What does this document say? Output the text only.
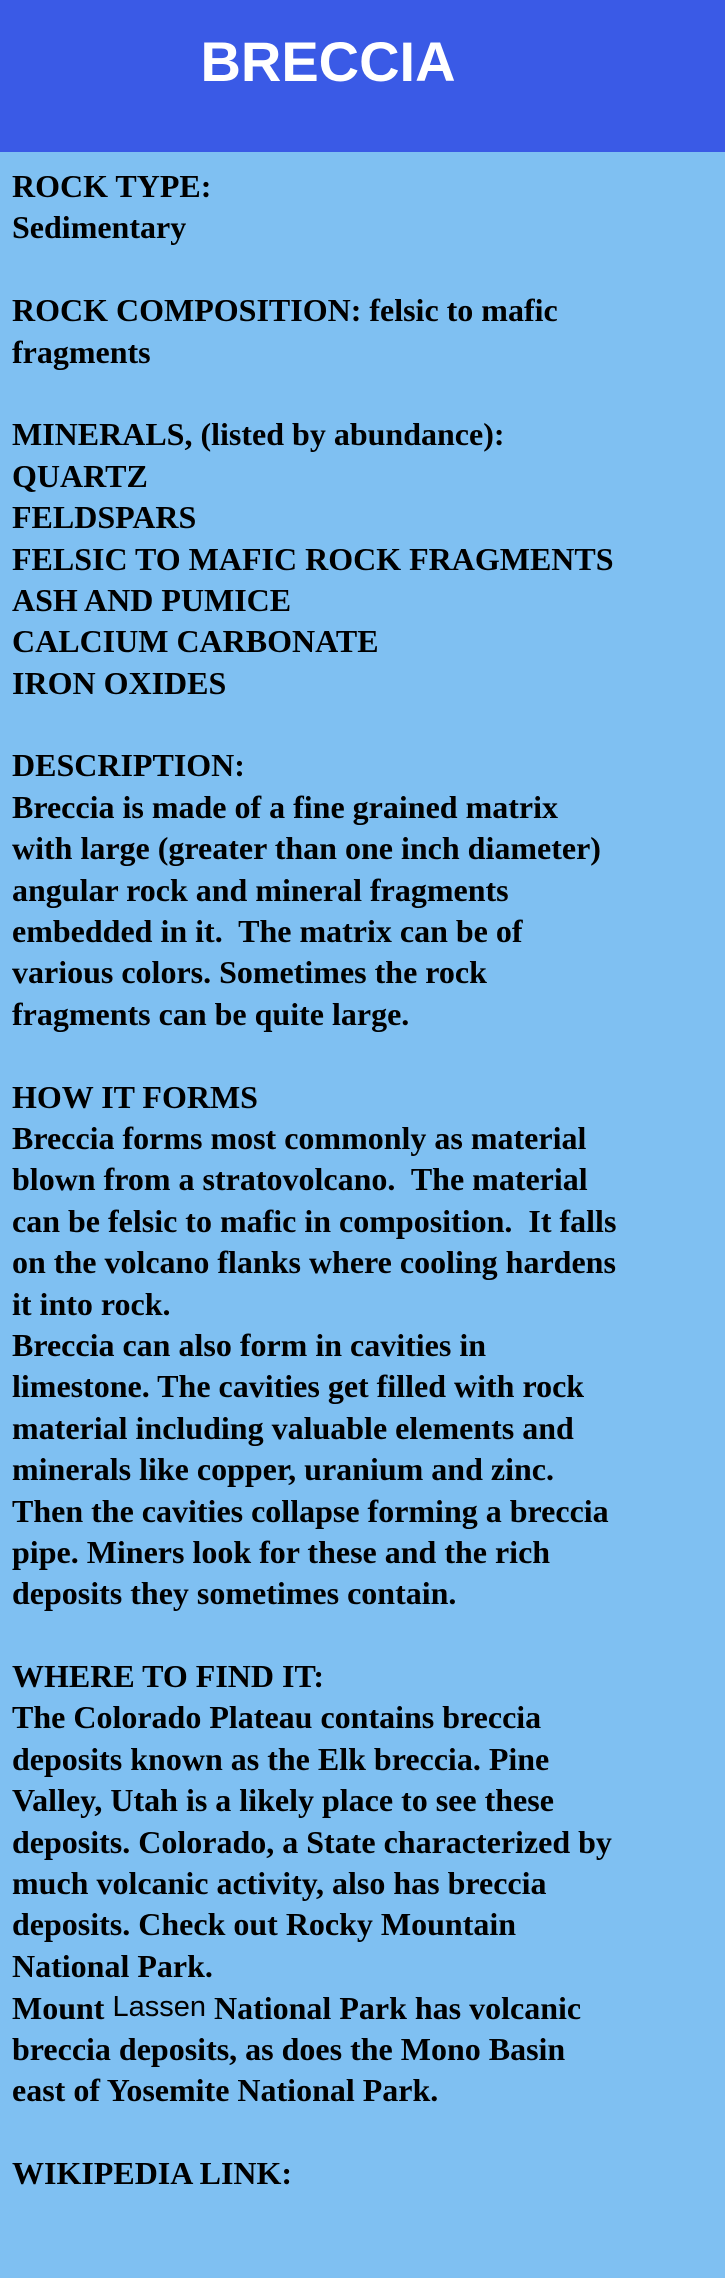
BRECCIA
ROCK TYPE:
Sedimentary
ROCK COMPOSITION: felsic to mafic
fragments
MINERALS, (listed by abundance):
QUARTZ
FELDSPARS
FELSIC TO MAFIC ROCK FRAGMENTS
ASH AND PUMICE
CALCIUM CARBONATE
IRON OXIDES
DESCRIPTION:
Breccia is made of a fine grained matrix
with large (greater than one inch diameter)
angular rock and mineral fragments
embedded in it.  The matrix can be of
various colors. Sometimes the rock
fragments can be quite large.
HOW IT FORMS
Breccia forms most commonly as material
blown from a stratovolcano.  The material
can be felsic to mafic in composition.  It falls
on the volcano flanks where cooling hardens
it into rock.
Breccia can also form in cavities in
limestone. The cavities get filled with rock
material including valuable elements and
minerals like copper, uranium and zinc.
Then the cavities collapse forming a breccia
pipe. Miners look for these and the rich
deposits they sometimes contain.
WHERE TO FIND IT:
The Colorado Plateau contains breccia
deposits known as the Elk breccia. Pine
Valley, Utah is a likely place to see these
deposits. Colorado, a State characterized by
much volcanic activity, also has breccia
deposits. Check out Rocky Mountain
National Park.
Mount Lassen National Park has volcanic
breccia deposits, as does the Mono Basin
east of Yosemite National Park.
WIKIPEDIA LINK:
